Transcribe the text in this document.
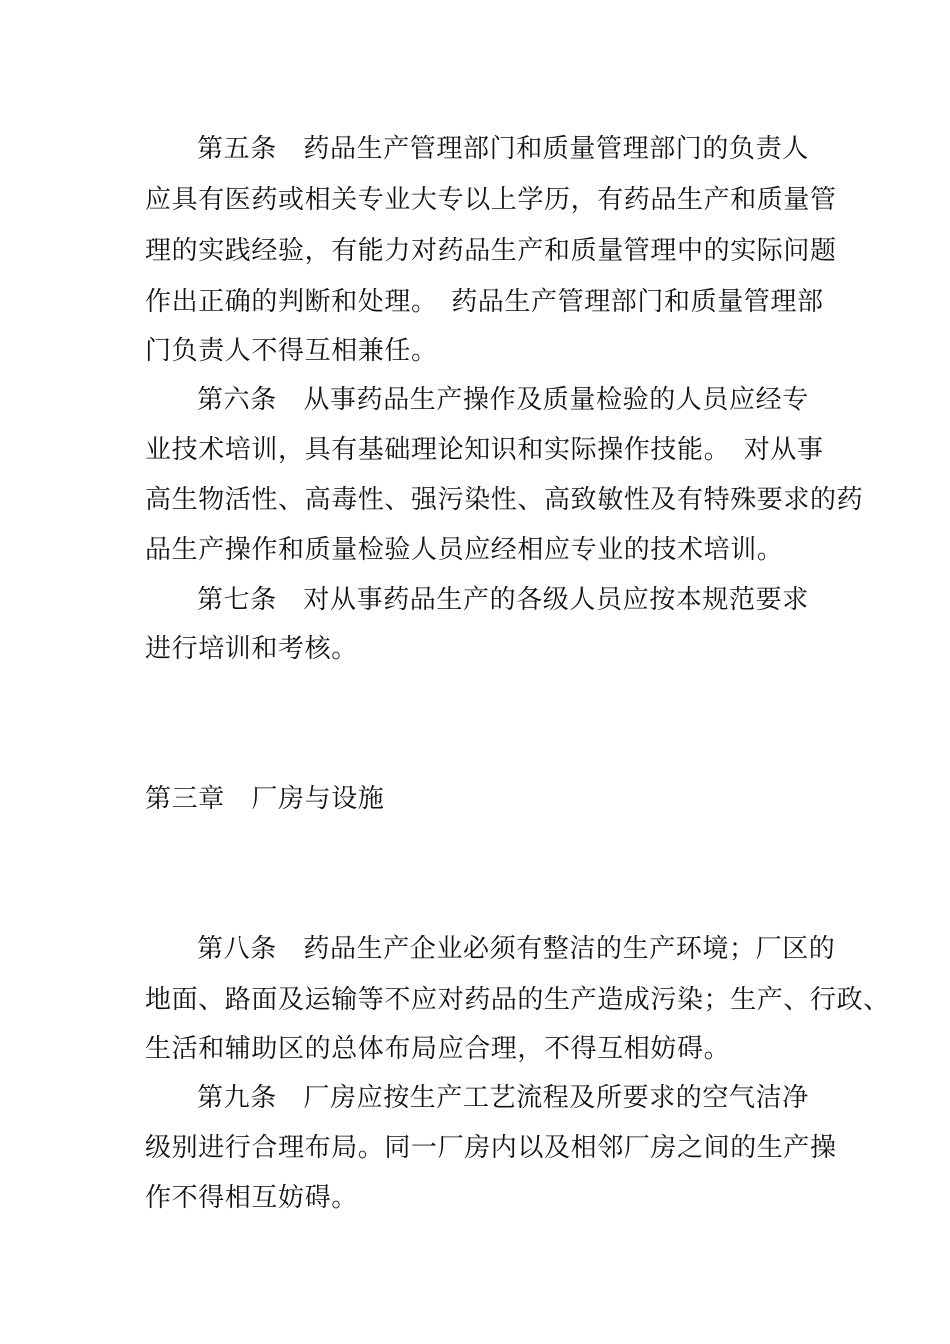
第五条　药品生产管理部门和质量管理部门的负责人
应具有医药或相关专业大专以上学历，有药品生产和质量管
理的实践经验，有能力对药品生产和质量管理中的实际问题
作出正确的判断和处理。　药品生产管理部门和质量管理部
门负责人不得互相兼任。
第六条　从事药品生产操作及质量检验的人员应经专
业技术培训，具有基础理论知识和实际操作技能。　对从事
高生物活性、高毒性、强污染性、高致敏性及有特殊要求的药
品生产操作和质量检验人员应经相应专业的技术培训。
第七条　对从事药品生产的各级人员应按本规范要求
进行培训和考核。
第三章　厂房与设施
第八条　药品生产企业必须有整洁的生产环境；厂区的
地面、路面及运输等不应对药品的生产造成污染；生产、行政、
生活和辅助区的总体布局应合理，不得互相妨碍。
第九条　厂房应按生产工艺流程及所要求的空气洁净
级别进行合理布局。同一厂房内以及相邻厂房之间的生产操
作不得相互妨碍。
